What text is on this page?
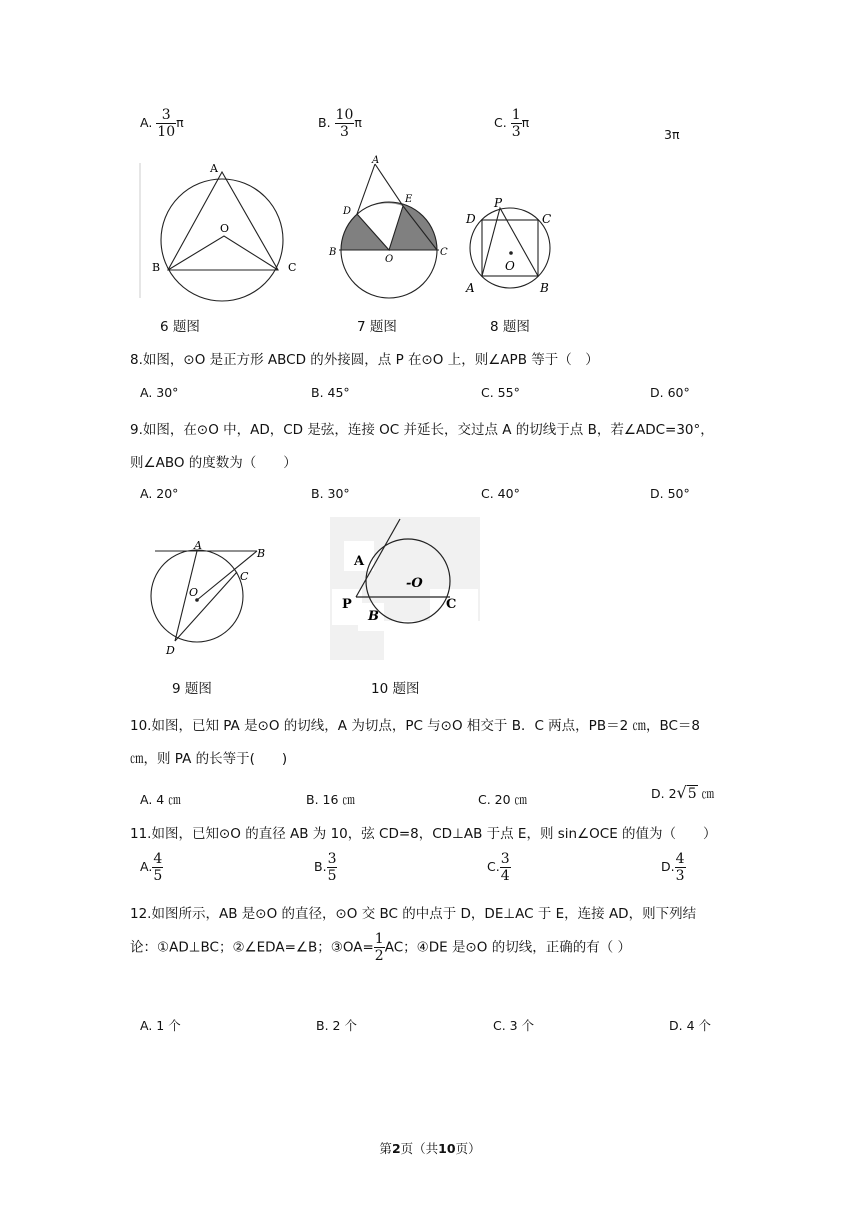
A. $\frac{3}{10}$ π	B. $\frac{10}{3}$ π	C. $\frac{1}{3}$ π
3π
A
O
B	C
6 题图
A
D
E
B	C
O
7 题图
D
P
C
O
A	B
8 题图
8.如图，⊙O 是正方形 ABCD 的外接圆，点 P 在⊙O 上，则∠APB 等于（　）
A. 30°	B. 45°	C. 55°	D. 60°
9.如图，在⊙O 中，AD，CD 是弦，连接 OC 并延长，交过点 A 的切线于点 B，若∠ADC=30°，
则∠ABO 的度数为（　　）
A. 20°	B. 30°	C. 40°	D. 50°
A
B
C
O
D
9 题图
A
-O
P
B
C
10 题图
10.如图，已知 PA 是⊙O 的切线，A 为切点，PC 与⊙O 相交于 B．C 两点，PB＝2 ㎝，BC＝8
㎝，则 PA 的长等于(　　)
A. 4 ㎝	B. 16 ㎝	C. 20 ㎝	D. 2√5 ㎝
11.如图，已知⊙O 的直径 AB 为 10，弦 CD=8，CD⊥AB 于点 E，则 sin∠OCE 的值为（　　）
A. $\frac{4}{5}$	B. $\frac{3}{5}$	C. $\frac{3}{4}$	D. $\frac{4}{3}$
12.如图所示，AB 是⊙O 的直径，⊙O 交 BC 的中点于 D，DE⊥AC 于 E，连接 AD，则下列结
论：①AD⊥BC；②∠EDA=∠B；③OA= $\frac{1}{2}$ AC；④DE 是⊙O 的切线，正确的有（ ）
A. 1 个	B. 2 个	C. 3 个	D. 4 个
第2页（共10页）
